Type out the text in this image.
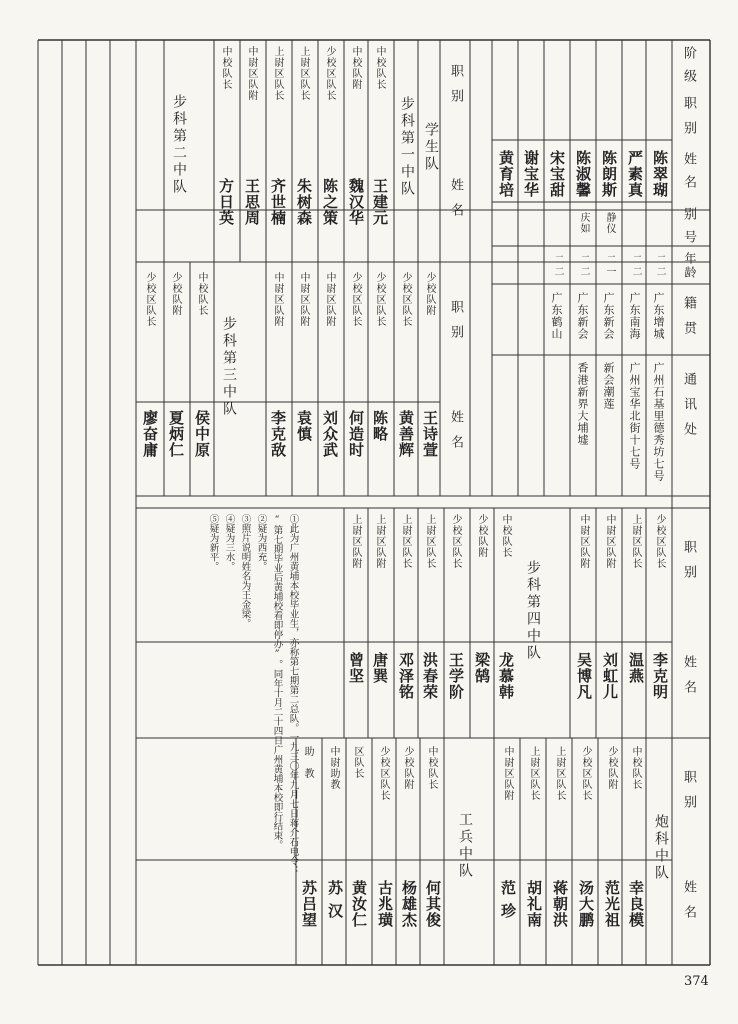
阶级
职别
姓名
别号
年龄
籍贯
通讯处
陈翠瑚
二二
广东增城
广州石基里德秀坊七号
严素真
二二
广东南海
广州宝华北街十七号
陈朗斯
静仪
二一
广东新会
新会潮莲
陈淑馨
庆如
二二
广东新会
香港新界大埔墟
宋宝甜
二二
广东鹤山
谢宝华
黄育培
职别
姓名
学生队
步科第一中队
中校队长
王建元
中校队附
魏汉华
少校区队长
陈之策
上尉区队长
朱树森
上尉区队长
齐世楠
中尉区队附
王思周
中校队长
方日英
步科第二中队
职别
姓名
少校队附
王诗萱
少校区队长
黄善辉
少校区队长
陈略
少校区队长
何造时
中尉区队附
刘众武
中尉区队附
袁慎
中尉区队附
李克敌
步科第三中队
中校队长
侯中原
少校队附
夏炳仁
少校区队长
廖奋庸
职别
姓名
少校区队长
李克明
上尉区队长
温燕
中尉区队附
刘虹儿
中尉区队附
吴博凡
步科第四中队
中校队长
龙慕韩
少校队附
梁鹄
少校区队长
王学阶
上尉区队长
洪春荣
上尉区队长
邓泽铭
上尉区队附
唐巽
上尉区队附
曾坚
①此为广州黄埔本校毕业生，亦称第七期第二总队。一九三〇年九月七日蒋介石电令：
“第七期毕业后黄埔校看即停办”。同年十月二十四日广州黄埔本校即行结束。
②疑为西充。
③照片说明姓名为王金梁。
④疑为三水。
⑤疑为新平。
职别
姓名
炮科中队
中校队长
幸良模
少校队附
范光祖
少校区队长
汤大鹏
上尉区队长
蒋朝洪
上尉区队长
胡礼南
中尉区队附
范珍
工兵中队
中校队长
何其俊
少校队附
杨雄杰
少校区队长
古兆璜
区队长
黄汝仁
中尉助教
苏汉
助教
苏吕望
374
